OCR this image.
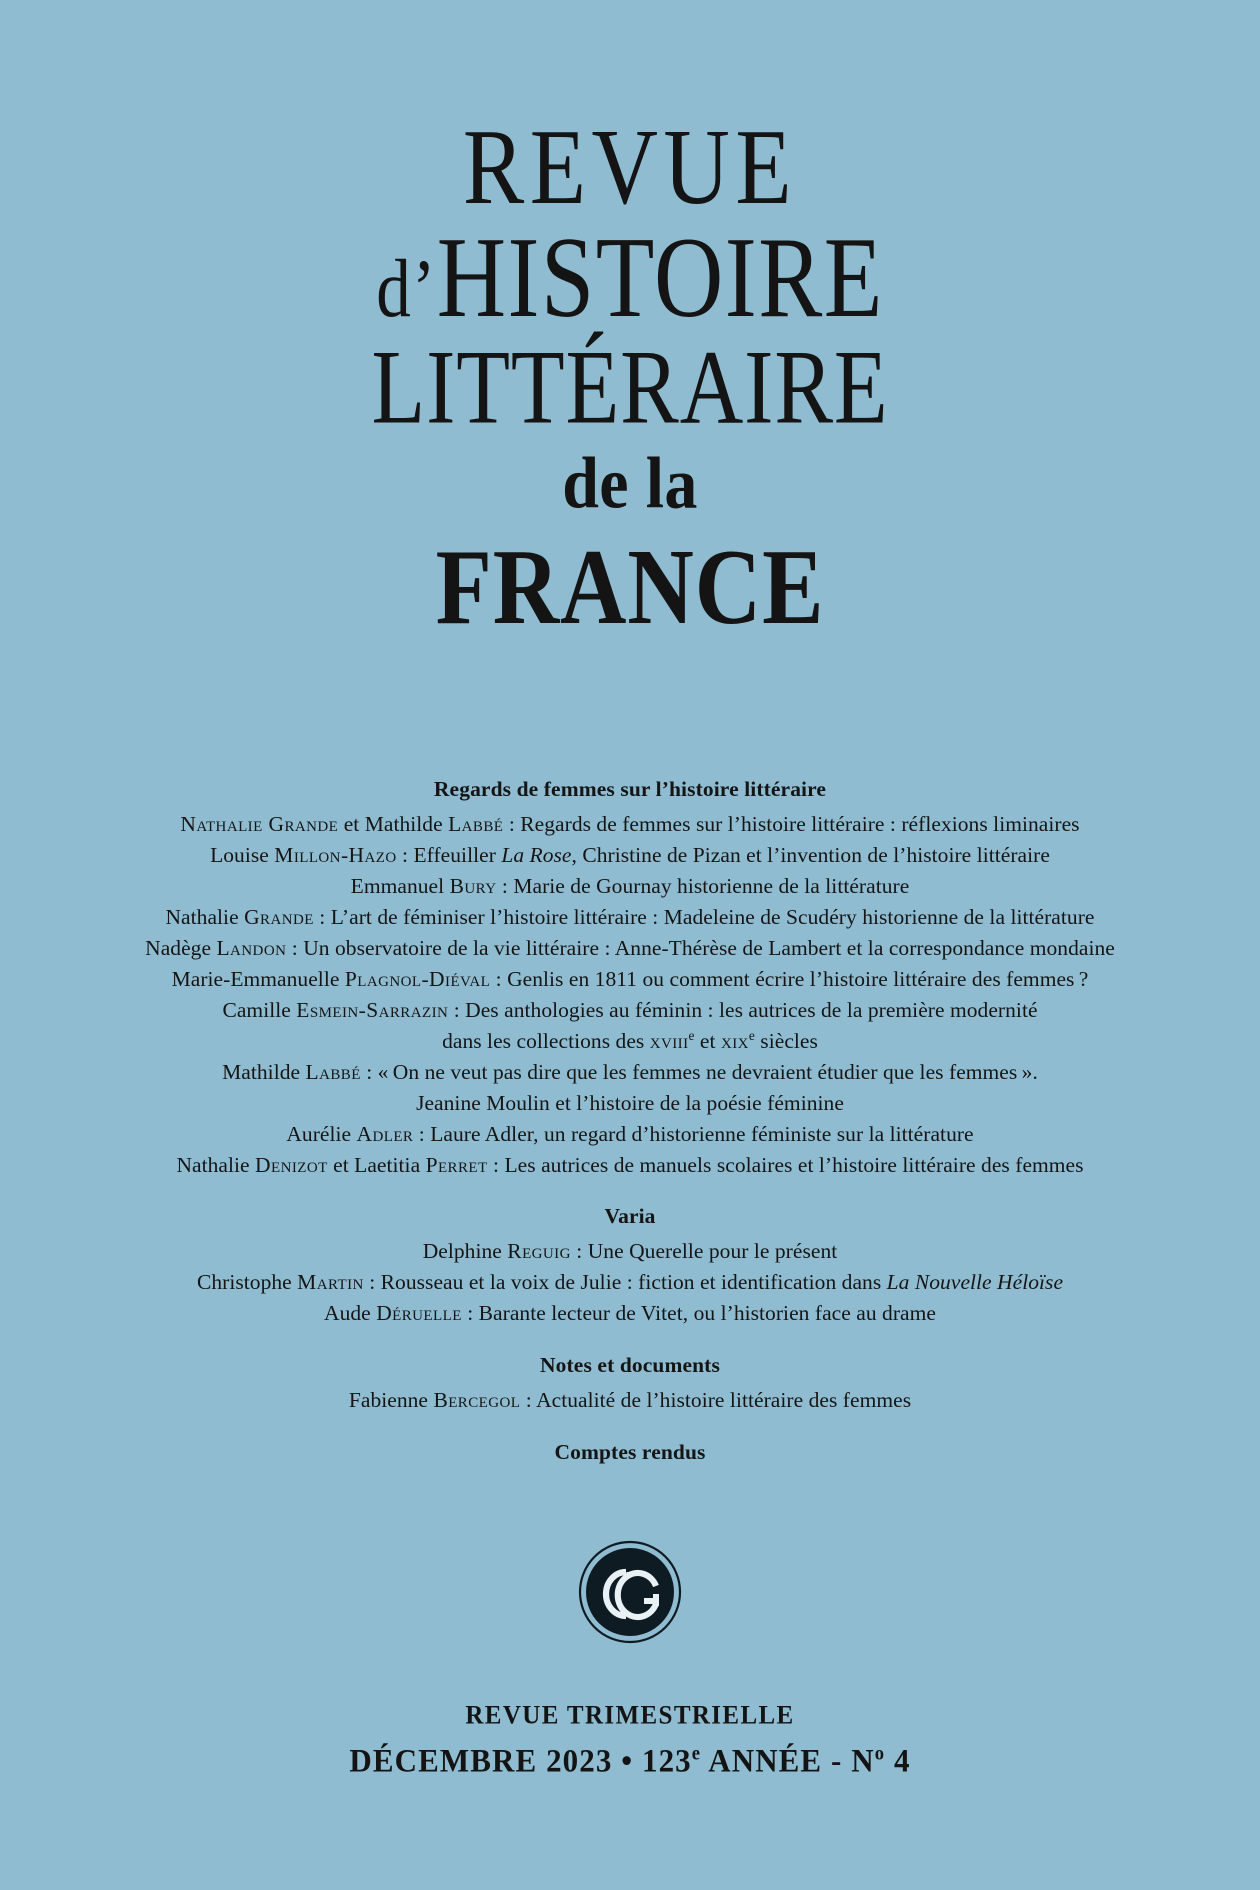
REVUE
d’HISTOIRE
LITTÉRAIRE
de la
FRANCE
Regards de femmes sur l’histoire littéraire

Nathalie Grande et Mathilde Labbé : Regards de femmes sur l’histoire littéraire : réflexions liminaires

Louise Millon-Hazo : Effeuiller La Rose, Christine de Pizan et l’invention de l’histoire littéraire

Emmanuel Bury : Marie de Gournay historienne de la littérature

Nathalie Grande : L’art de féminiser l’histoire littéraire : Madeleine de Scudéry historienne de la littérature

Nadège Landon : Un observatoire de la vie littéraire : Anne-Thérèse de Lambert et la correspondance mondaine

Marie-Emmanuelle Plagnol-Diéval : Genlis en 1811 ou comment écrire l’histoire littéraire des femmes ?

Camille Esmein-Sarrazin : Des anthologies au féminin : les autrices de la première modernité
dans les collections des xviii$^e$ et xix$^e$ siècles

Mathilde Labbé : « On ne veut pas dire que les femmes ne devraient étudier que les femmes ».
Jeanine Moulin et l’histoire de la poésie féminine

Aurélie Adler : Laure Adler, un regard d’historienne féministe sur la littérature

Nathalie Denizot et Laetitia Perret : Les autrices de manuels scolaires et l’histoire littéraire des femmes

Varia

Delphine Reguig : Une Querelle pour le présent

Christophe Martin : Rousseau et la voix de Julie : fiction et identification dans La Nouvelle Héloïse

Aude Déruelle : Barante lecteur de Vitet, ou l’historien face au drame

Notes et documents

Fabienne Bercegol : Actualité de l’histoire littéraire des femmes

Comptes rendus
REVUE TRIMESTRIELLE
DÉCEMBRE 2023 • 123e ANNÉE - $N^o$ 4
